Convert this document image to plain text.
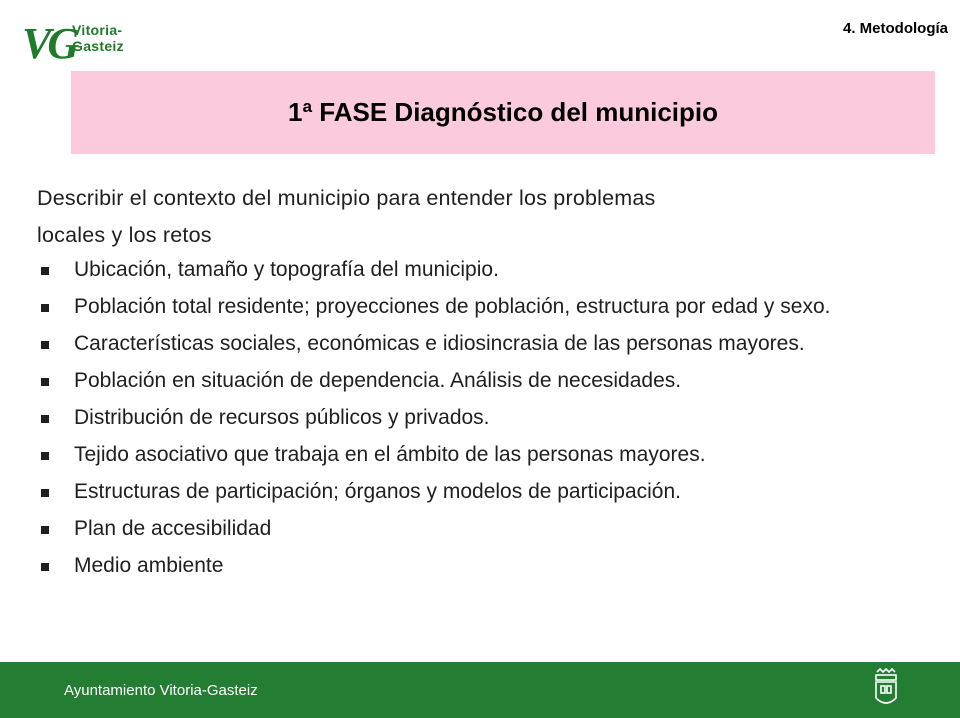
VG
Vitoria-Gasteiz
4. Metodología
1ª FASE Diagnóstico del municipio
Describir el contexto del municipio para entender los problemas
locales y los retos
Ubicación, tamaño y topografía del municipio.
Población total residente; proyecciones de población, estructura por edad y sexo.
Características sociales, económicas e idiosincrasia de las personas mayores.
Población en situación de dependencia. Análisis de necesidades.
Distribución de recursos públicos y privados.
Tejido asociativo que trabaja en el ámbito de las personas mayores.
Estructuras de participación; órganos y modelos de participación.
Plan de accesibilidad
Medio ambiente
Ayuntamiento Vitoria-Gasteiz
